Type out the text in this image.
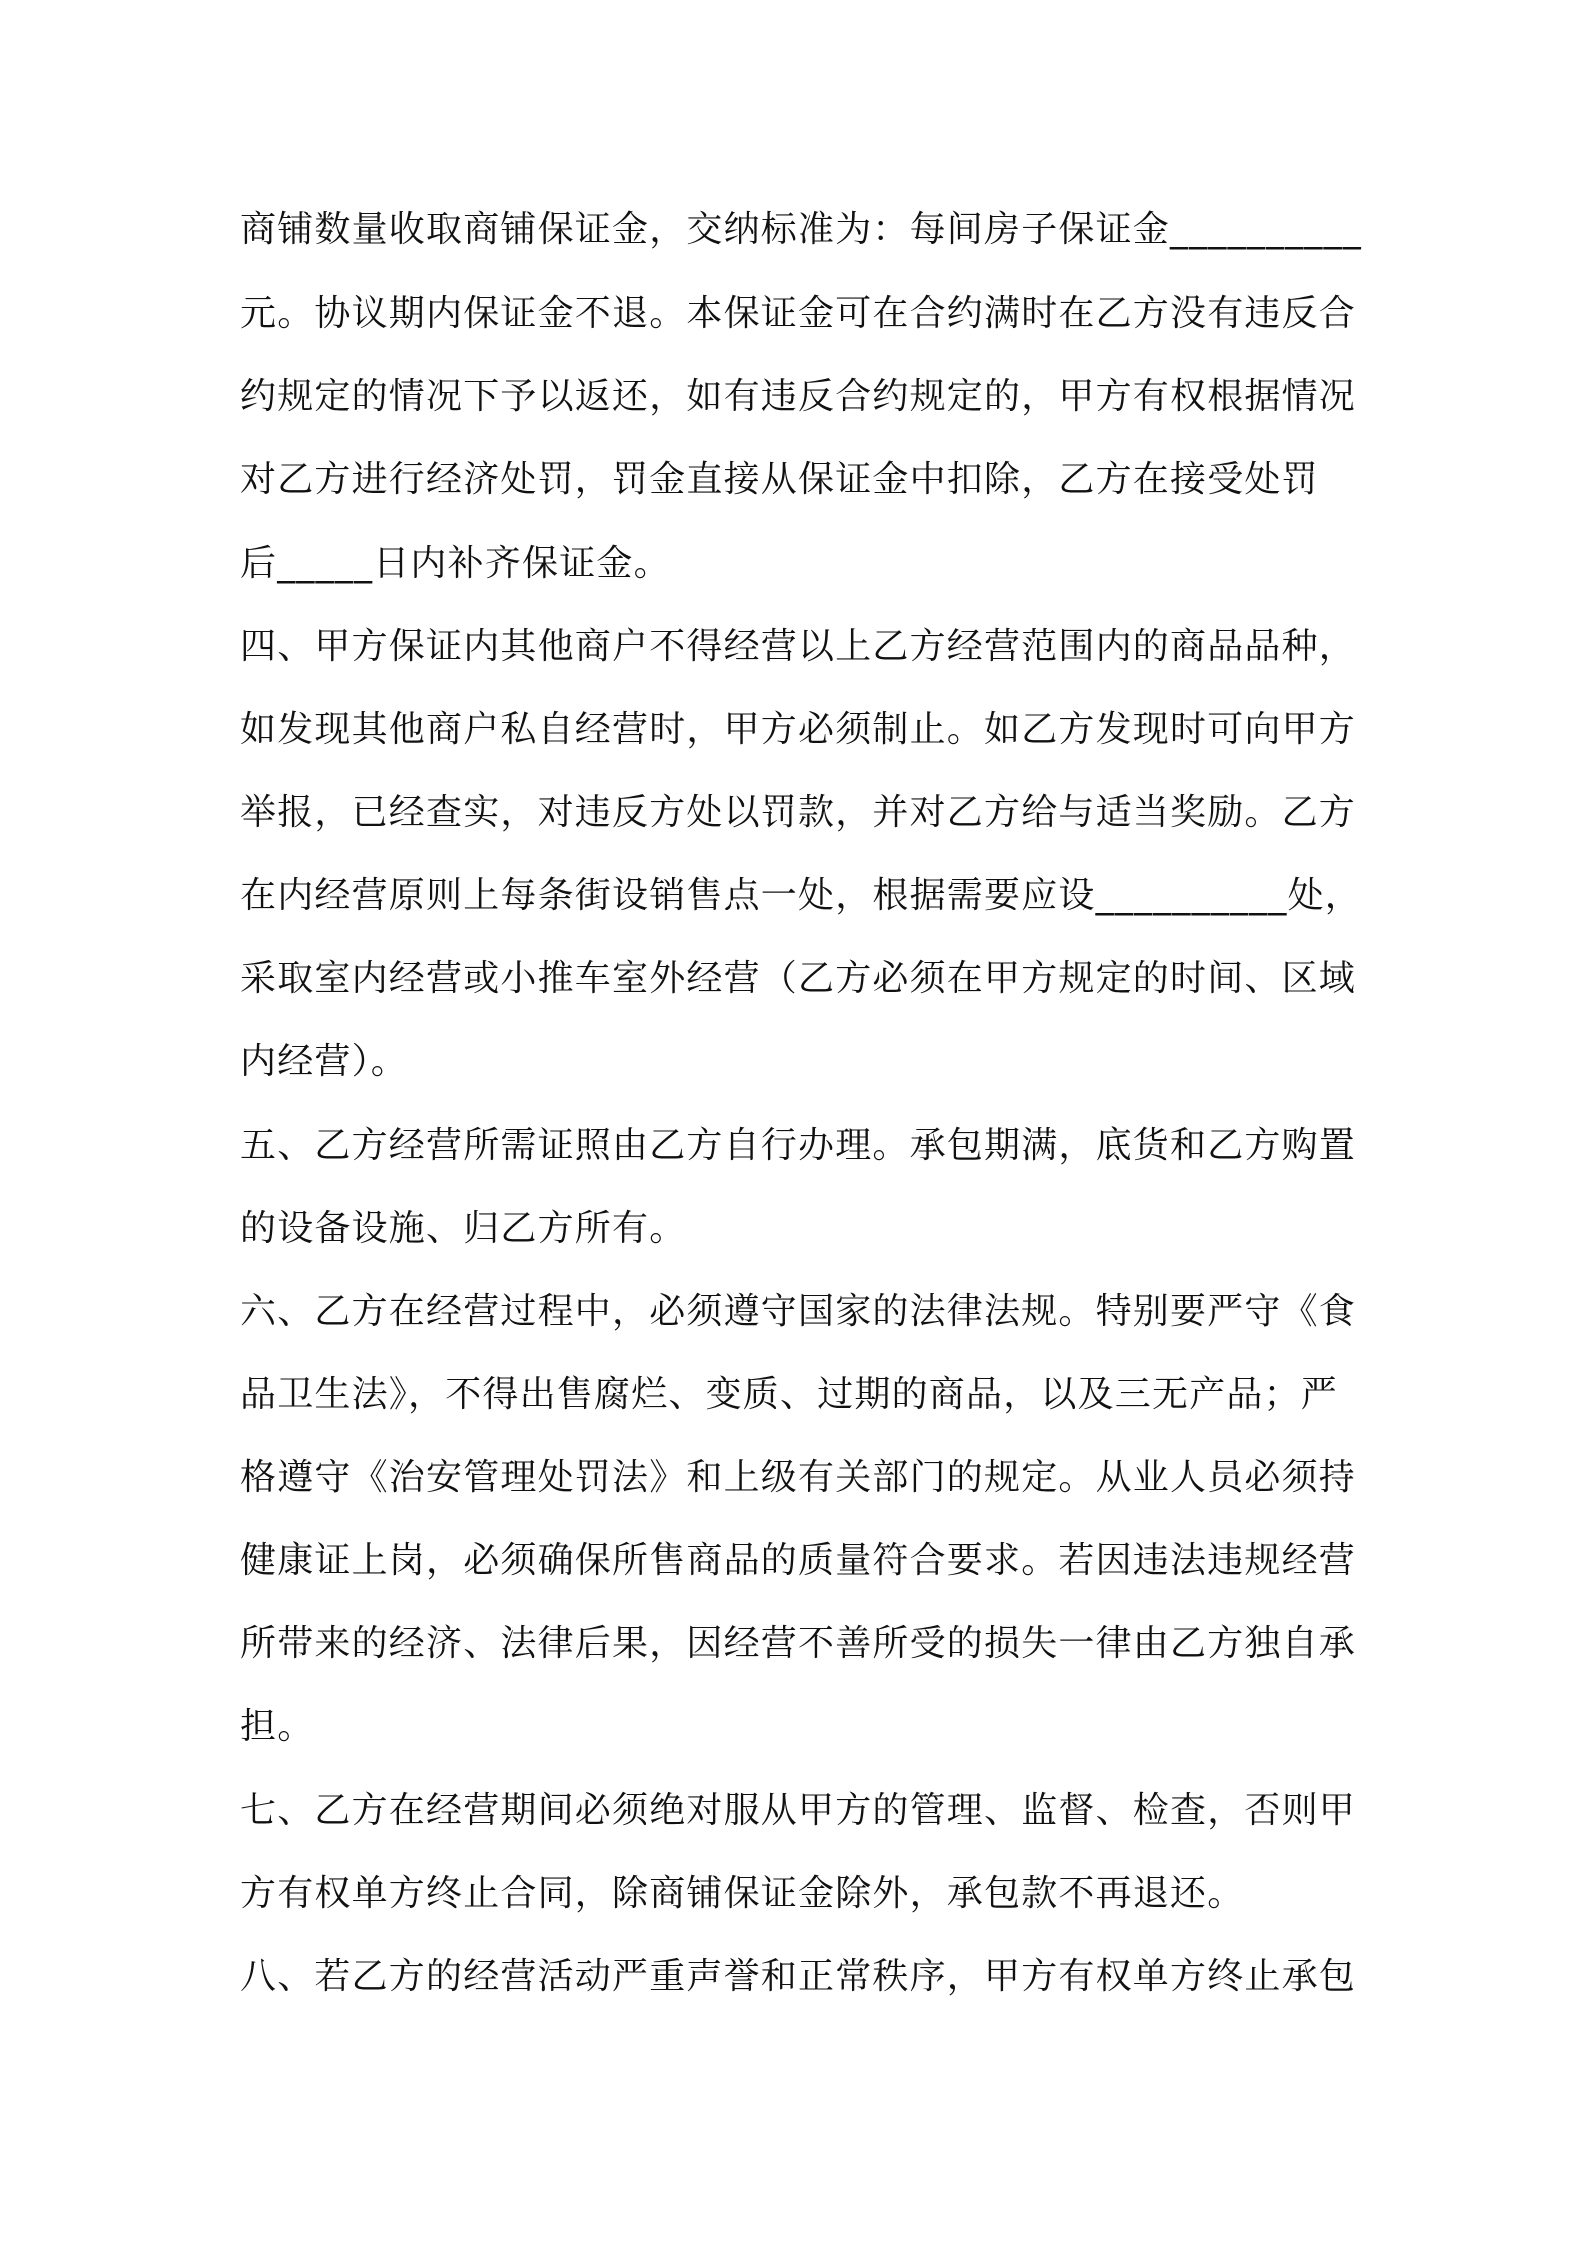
商铺数量收取商铺保证金，交纳标准为：每间房子保证金__________
元。协议期内保证金不退。本保证金可在合约满时在乙方没有违反合
约规定的情况下予以返还，如有违反合约规定的，甲方有权根据情况
对乙方进行经济处罚，罚金直接从保证金中扣除，乙方在接受处罚
后_____日内补齐保证金。
四、甲方保证内其他商户不得经营以上乙方经营范围内的商品品种，
如发现其他商户私自经营时，甲方必须制止。如乙方发现时可向甲方
举报，已经查实，对违反方处以罚款，并对乙方给与适当奖励。乙方
在内经营原则上每条街设销售点一处，根据需要应设__________处，
采取室内经营或小推车室外经营（乙方必须在甲方规定的时间、区域
内经营）。
五、乙方经营所需证照由乙方自行办理。承包期满，底货和乙方购置
的设备设施、归乙方所有。
六、乙方在经营过程中，必须遵守国家的法律法规。特别要严守《食
品卫生法》，不得出售腐烂、变质、过期的商品，以及三无产品；严
格遵守《治安管理处罚法》和上级有关部门的规定。从业人员必须持
健康证上岗，必须确保所售商品的质量符合要求。若因违法违规经营
所带来的经济、法律后果，因经营不善所受的损失一律由乙方独自承
担。
七、乙方在经营期间必须绝对服从甲方的管理、监督、检查，否则甲
方有权单方终止合同，除商铺保证金除外，承包款不再退还。
八、若乙方的经营活动严重声誉和正常秩序，甲方有权单方终止承包
